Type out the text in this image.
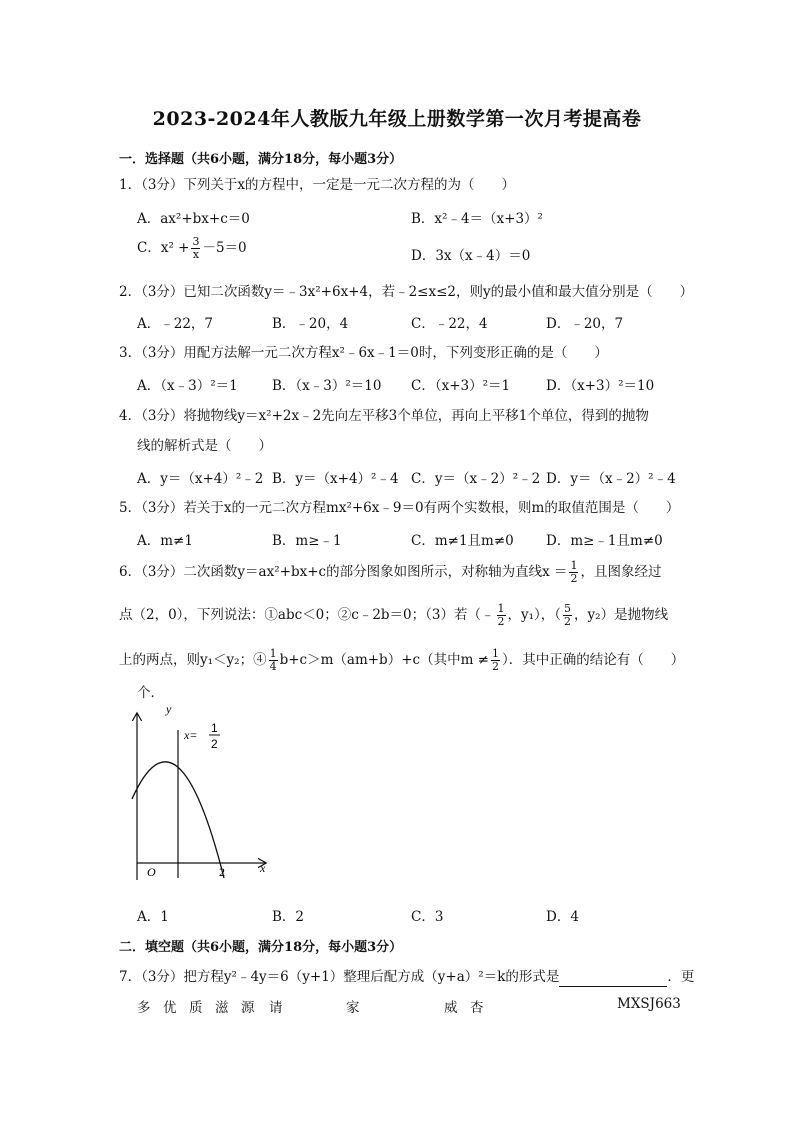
2023-2024年人教版九年级上册数学第一次月考提高卷
一．选择题（共6小题，满分18分，每小题3分）
1．（3分）下列关于x的方程中，一定是一元二次方程的为（　　）
A．ax²+bx+c＝0	B．x²﹣4＝（x+3）²
C．$x^2 + \frac{3}{x} -5=0$	D．3x（x﹣4）＝0
2．（3分）已知二次函数y＝﹣3x²+6x+4，若﹣2≤x≤2，则y的最小值和最大值分别是（　　）
A．﹣22，7	B．﹣20，4	C．﹣22，4	D．﹣20，7
3．（3分）用配方法解一元二次方程x²﹣6x﹣1＝0时，下列变形正确的是（　　）
A．（x﹣3）²＝1	B．（x﹣3）²＝10 C．（x+3）²＝1	D．（x+3）²＝10
4．（3分）将抛物线y＝x²+2x﹣2先向左平移3个单位，再向上平移1个单位，得到的抛物
线的解析式是（　　）
A．y＝（x+4）²﹣2 B．y＝（x+4）²﹣4 C．y＝（x﹣2）²﹣2 D．y＝（x﹣2）²﹣4
5．（3分）若关于x的一元二次方程mx²+6x﹣9＝0有两个实数根，则m的取值范围是（　　）
A．m≠1	B．m≥﹣1	C．m≠1且m≠0 D．m≥﹣1且m≠0
6．（3分）二次函数y＝ax²+bx+c的部分图象如图所示，对称轴为直线$x = \frac{1}{2}$ ，且图象经过
点（2，0），下列说法：①abc＜0；②c﹣2b＝0；（3）若（﹣ $\frac{1}{2}$ ，y₁），（ $\frac{5}{2}$ ，y₂）是抛物线
上的两点，则y₁＜y₂；④ $\frac{1}{4} b+c>m(am+b)+c$（其中$m \ne \frac{1}{2}$ ）．其中正确的结论有（　　）
个．
y
x
O	2
x= 1
2
A．1	B．2	C．3	D．4
二．填空题（共6小题，满分18分，每小题3分）
7．（3分）把方程y²﹣4y＝6（y+1）整理后配方成（y+a）²＝k的形式是	．更
多 优 质 滋 源 请	家	威 杏	MXSJ663
